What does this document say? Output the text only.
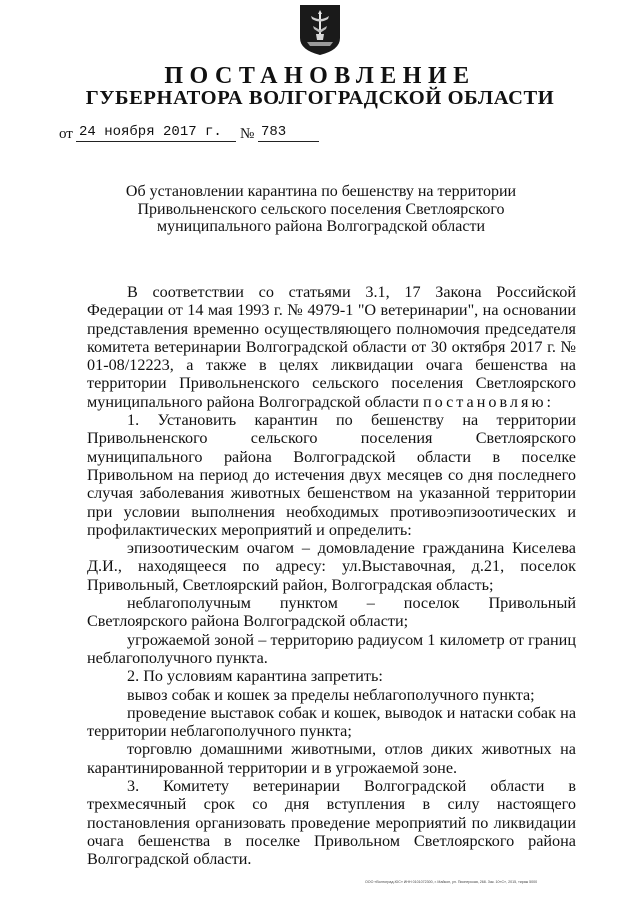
ПОСТАНОВЛЕНИЕ
ГУБЕРНАТОРА ВОЛГОГРАДСКОЙ ОБЛАСТИ
от 24 ноября 2017 г.	№ 783
Об установлении карантина по бешенству на территории Привольненского сельского поселения Светлоярского муниципального района Волгоградской области

В соответствии со статьями 3.1, 17 Закона Российской Федерации от 14 мая 1993 г. № 4979-1 "О ветеринарии", на основании представления временно осуществляющего полномочия председателя комитета ветеринарии Волгоградской области от 30 октября 2017 г. № 01-08/12223, а также в целях ликвидации очага бешенства на территории Привольненского сельского поселения Светлоярского муниципального района Волгоградской области постановляю:

1. Установить карантин по бешенству на территории Привольненского сельского поселения Светлоярского муниципального района Волгоградской области в поселке Привольном на период до истечения двух месяцев со дня последнего случая заболевания животных бешенством на указанной территории при условии выполнения необходимых противоэпизоотических и профилактических мероприятий и определить:

эпизоотическим очагом – домовладение гражданина Киселева Д.И., находящееся по адресу: ул.Выставочная, д.21, поселок Привольный, Светлоярский район, Волгоградская область;

неблагополучным пунктом – поселок Привольный Светлоярского района Волгоградской области;

угрожаемой зоной – территорию радиусом 1 километр от границ неблагополучного пункта.

2. По условиям карантина запретить:

вывоз собак и кошек за пределы неблагополучного пункта;

проведение выставок собак и кошек, выводок и натаски собак на территории неблагополучного пункта;

торговлю домашними животными, отлов диких животных на карантинированной территории и в угрожаемой зоне.

3. Комитету ветеринарии Волгоградской области в трехмесячный срок со дня вступления в силу настоящего постановления организовать проведение мероприятий по ликвидации очага бешенства в поселке Привольном Светлоярского района Волгоградской области.

ООО «Волгоград-ЮС» ИНН 0101072300, г. Майкоп, ул. Пионерская, 268. Зак. 10«С», 2015, тираж 5000
